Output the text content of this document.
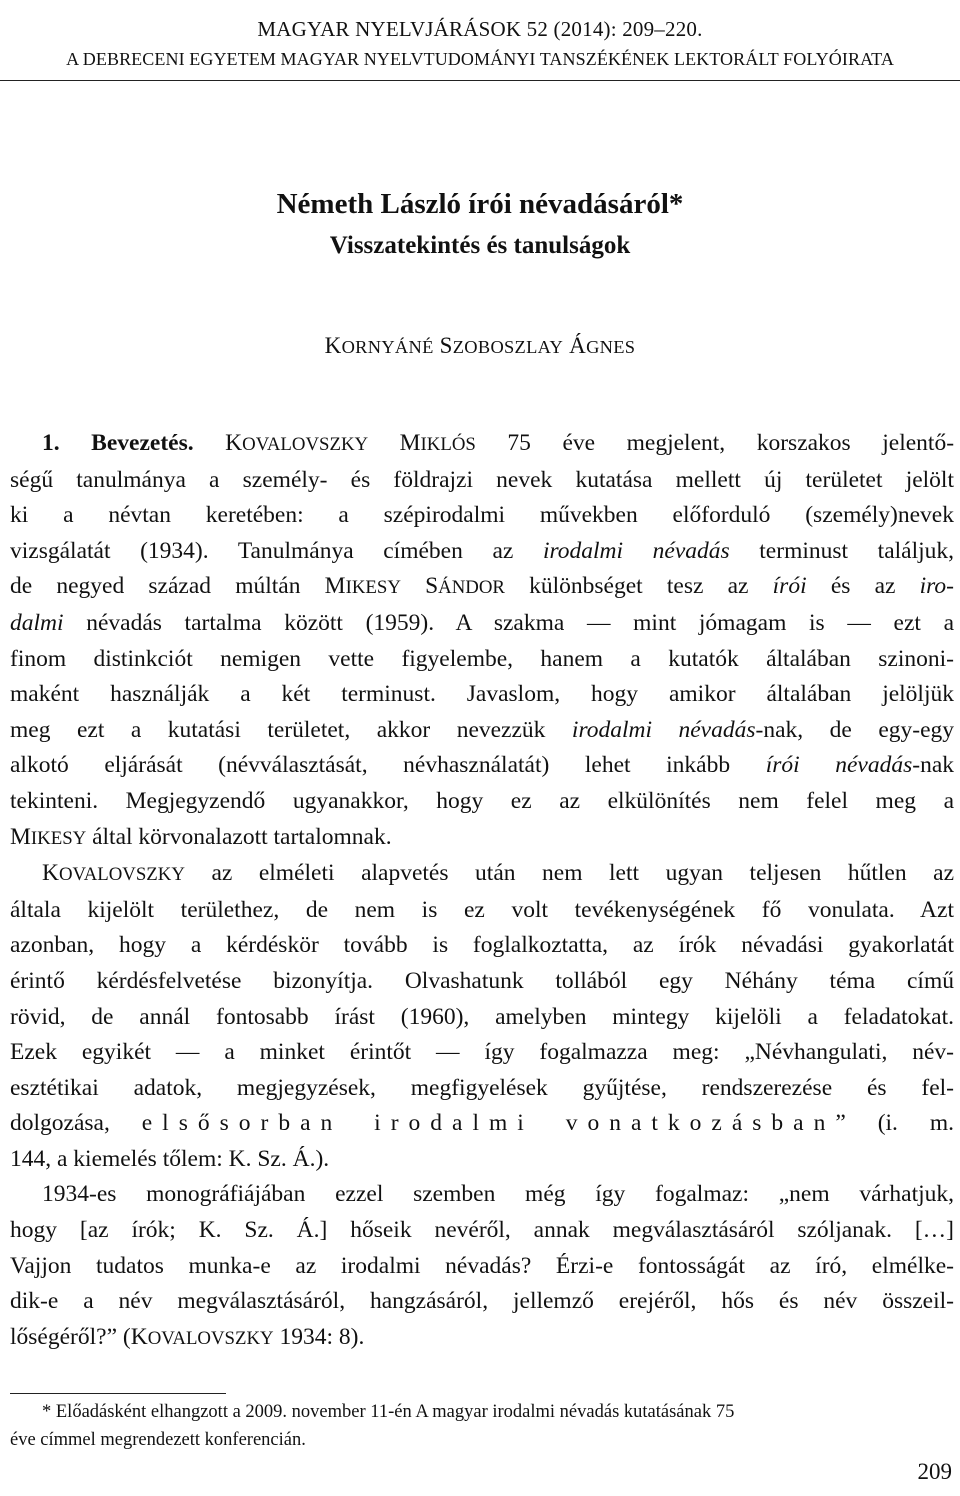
MAGYAR NYELVJÁRÁSOK 52 (2014): 209–220.
A DEBRECENI EGYETEM MAGYAR NYELVTUDOMÁNYI TANSZÉKÉNEK LEKTORÁLT FOLYÓIRATA
Németh László írói névadásáról*
Visszatekintés és tanulságok
KORNYÁNÉ SZOBOSZLAY ÁGNES
1. Bevezetés. KOVALOVSZKY MIKLÓS 75 éve megjelent, korszakos jelentő-
ségű tanulmánya a személy- és földrajzi nevek kutatása mellett új területet jelölt
ki a névtan keretében: a szépirodalmi művekben előforduló (személy)nevek
vizsgálatát (1934). Tanulmánya címében az irodalmi névadás terminust találjuk,
de negyed század múltán MIKESY SÁNDOR különbséget tesz az írói és az iro-
dalmi névadás tartalma között (1959). A szakma — mint jómagam is — ezt a
finom distinkciót nemigen vette figyelembe, hanem a kutatók általában szinoni-
maként használják a két terminust. Javaslom, hogy amikor általában jelöljük
meg ezt a kutatási területet, akkor nevezzük irodalmi névadás-nak, de egy-egy
alkotó eljárását (névválasztását, névhasználatát) lehet inkább írói névadás-nak
tekinteni. Megjegyzendő ugyanakkor, hogy ez az elkülönítés nem felel meg a
MIKESY által körvonalazott tartalomnak.
KOVALOVSZKY az elméleti alapvetés után nem lett ugyan teljesen hűtlen az
általa kijelölt területhez, de nem is ez volt tevékenységének fő vonulata. Azt
azonban, hogy a kérdéskör tovább is foglalkoztatta, az írók névadási gyakorlatát
érintő kérdésfelvetése bizonyítja. Olvashatunk tollából egy Néhány téma című
rövid, de annál fontosabb írást (1960), amelyben mintegy kijelöli a feladatokat.
Ezek egyikét — a minket érintőt — így fogalmazza meg: „Névhangulati, név-
esztétikai adatok, megjegyzések, megfigyelések gyűjtése, rendszerezése és fel-
dolgozása, elsősorban irodalmi vonatkozásban” (i. m.
144, a kiemelés tőlem: K. Sz. Á.).
1934-es monográfiájában ezzel szemben még így fogalmaz: „nem várhatjuk,
hogy [az írók; K. Sz. Á.] hőseik nevéről, annak megválasztásáról szóljanak. […]
Vajjon tudatos munka-e az irodalmi névadás? Érzi-e fontosságát az író, elmélke-
dik-e a név megválasztásáról, hangzásáról, jellemző erejéről, hős és név összeil-
lőségéről?” (KOVALOVSZKY 1934: 8).
* Előadásként elhangzott a 2009. november 11-én A magyar irodalmi névadás kutatásának 75
éve címmel megrendezett konferencián.
209
